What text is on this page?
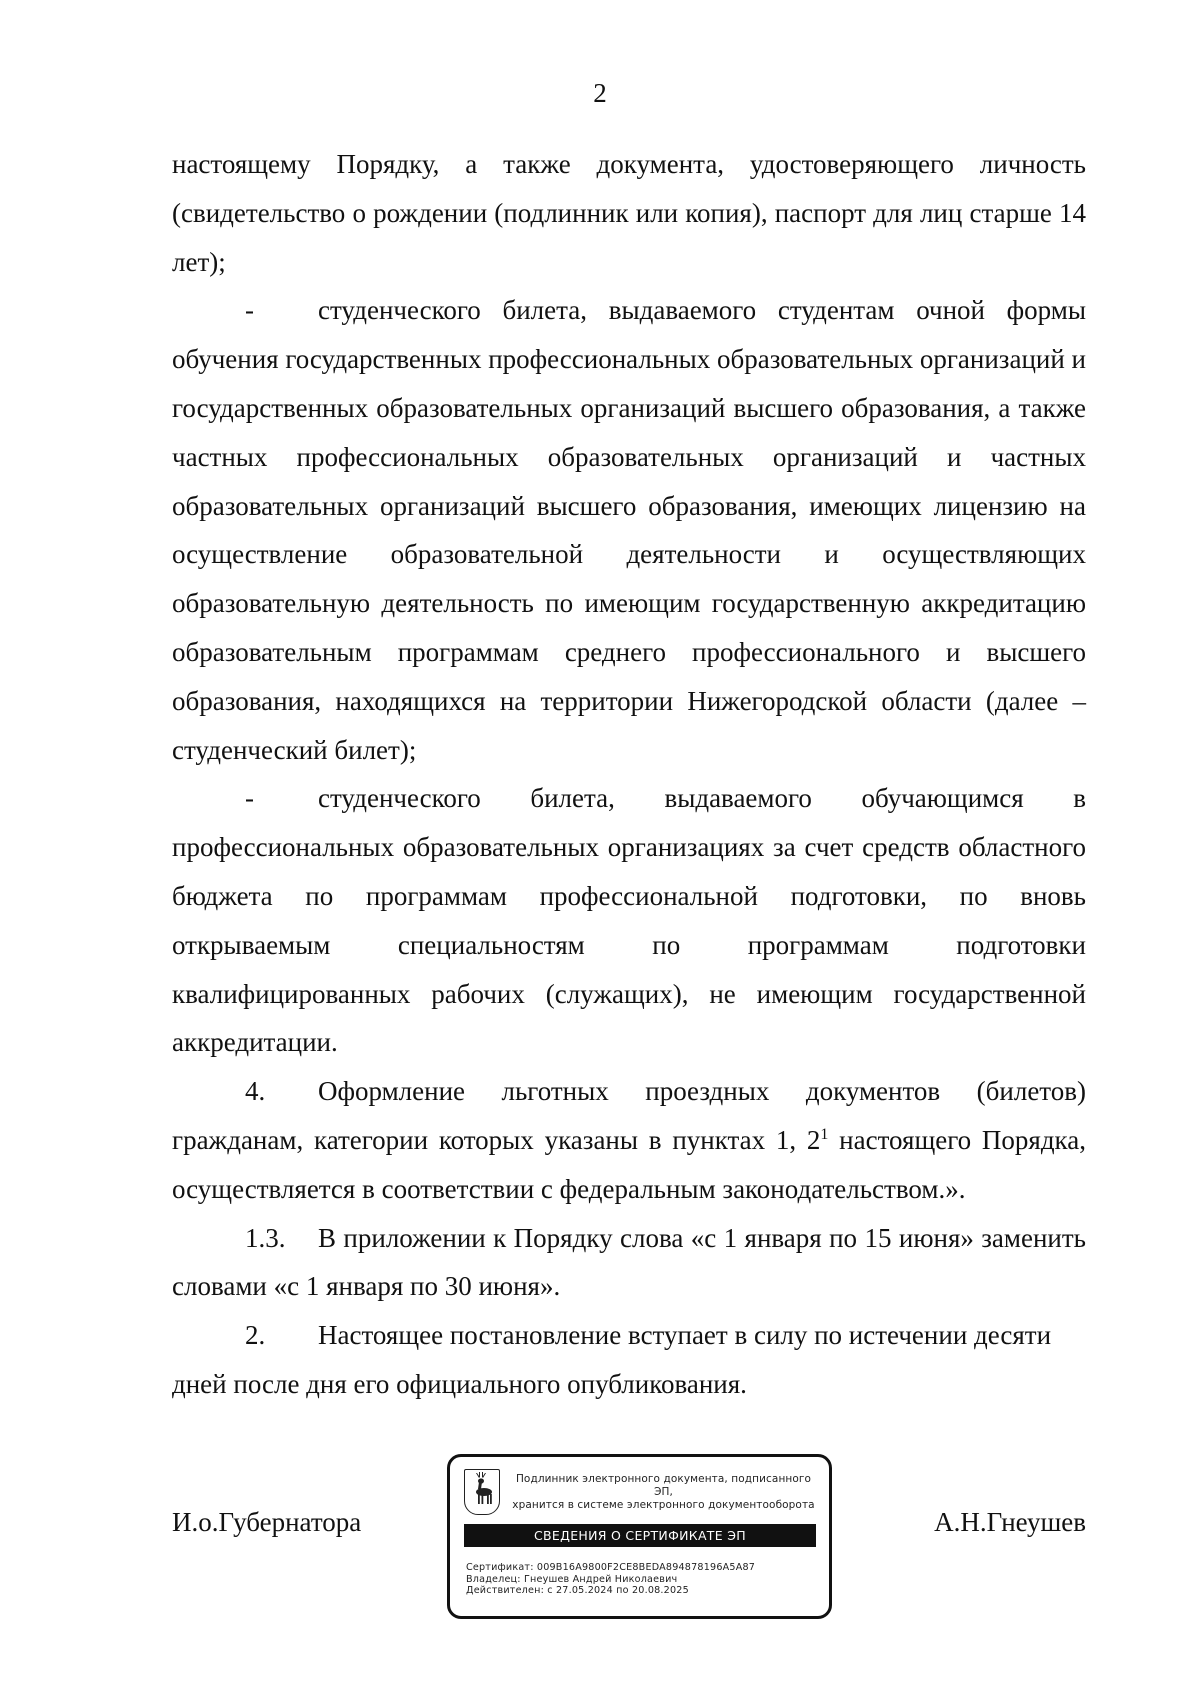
2

настоящему Порядку, а также документа, удостоверяющего личность (свидетельство о рождении (подлинник или копия), паспорт для лиц старше 14 лет);

- студенческого билета, выдаваемого студентам очной формы обучения государственных профессиональных образовательных организаций и государственных образовательных организаций высшего образования, а также частных профессиональных образовательных организаций и частных образовательных организаций высшего образования, имеющих лицензию на осуществление образовательной деятельности и осуществляющих образовательную деятельность по имеющим государственную аккредитацию образовательным программам среднего профессионального и высшего образования, находящихся на территории Нижегородской области (далее – студенческий билет);

- студенческого билета, выдаваемого обучающимся в профессиональных образовательных организациях за счет средств областного бюджета по программам профессиональной подготовки, по вновь открываемым специальностям по программам подготовки квалифицированных рабочих (служащих), не имеющим государственной аккредитации.

4. Оформление льготных проездных документов (билетов) гражданам, категории которых указаны в пунктах 1, $2^1$ настоящего Порядка, осуществляется в соответствии с федеральным законодательством.».

1.3. В приложении к Порядку слова «с 1 января по 15 июня» заменить словами «с 1 января по 30 июня».

2. Настоящее постановление вступает в силу по истечении десяти дней после дня его официального опубликования.

И.о.Губернатора	А.Н.Гнеушев
Подлинник электронного документа, подписанного ЭП,
хранится в системе электронного документооборота
СВЕДЕНИЯ О СЕРТИФИКАТЕ ЭП
Сертификат: 009B16A9800F2CE8BEDA894878196A5A87
Владелец: Гнеушев Андрей Николаевич
Действителен: с 27.05.2024 по 20.08.2025
